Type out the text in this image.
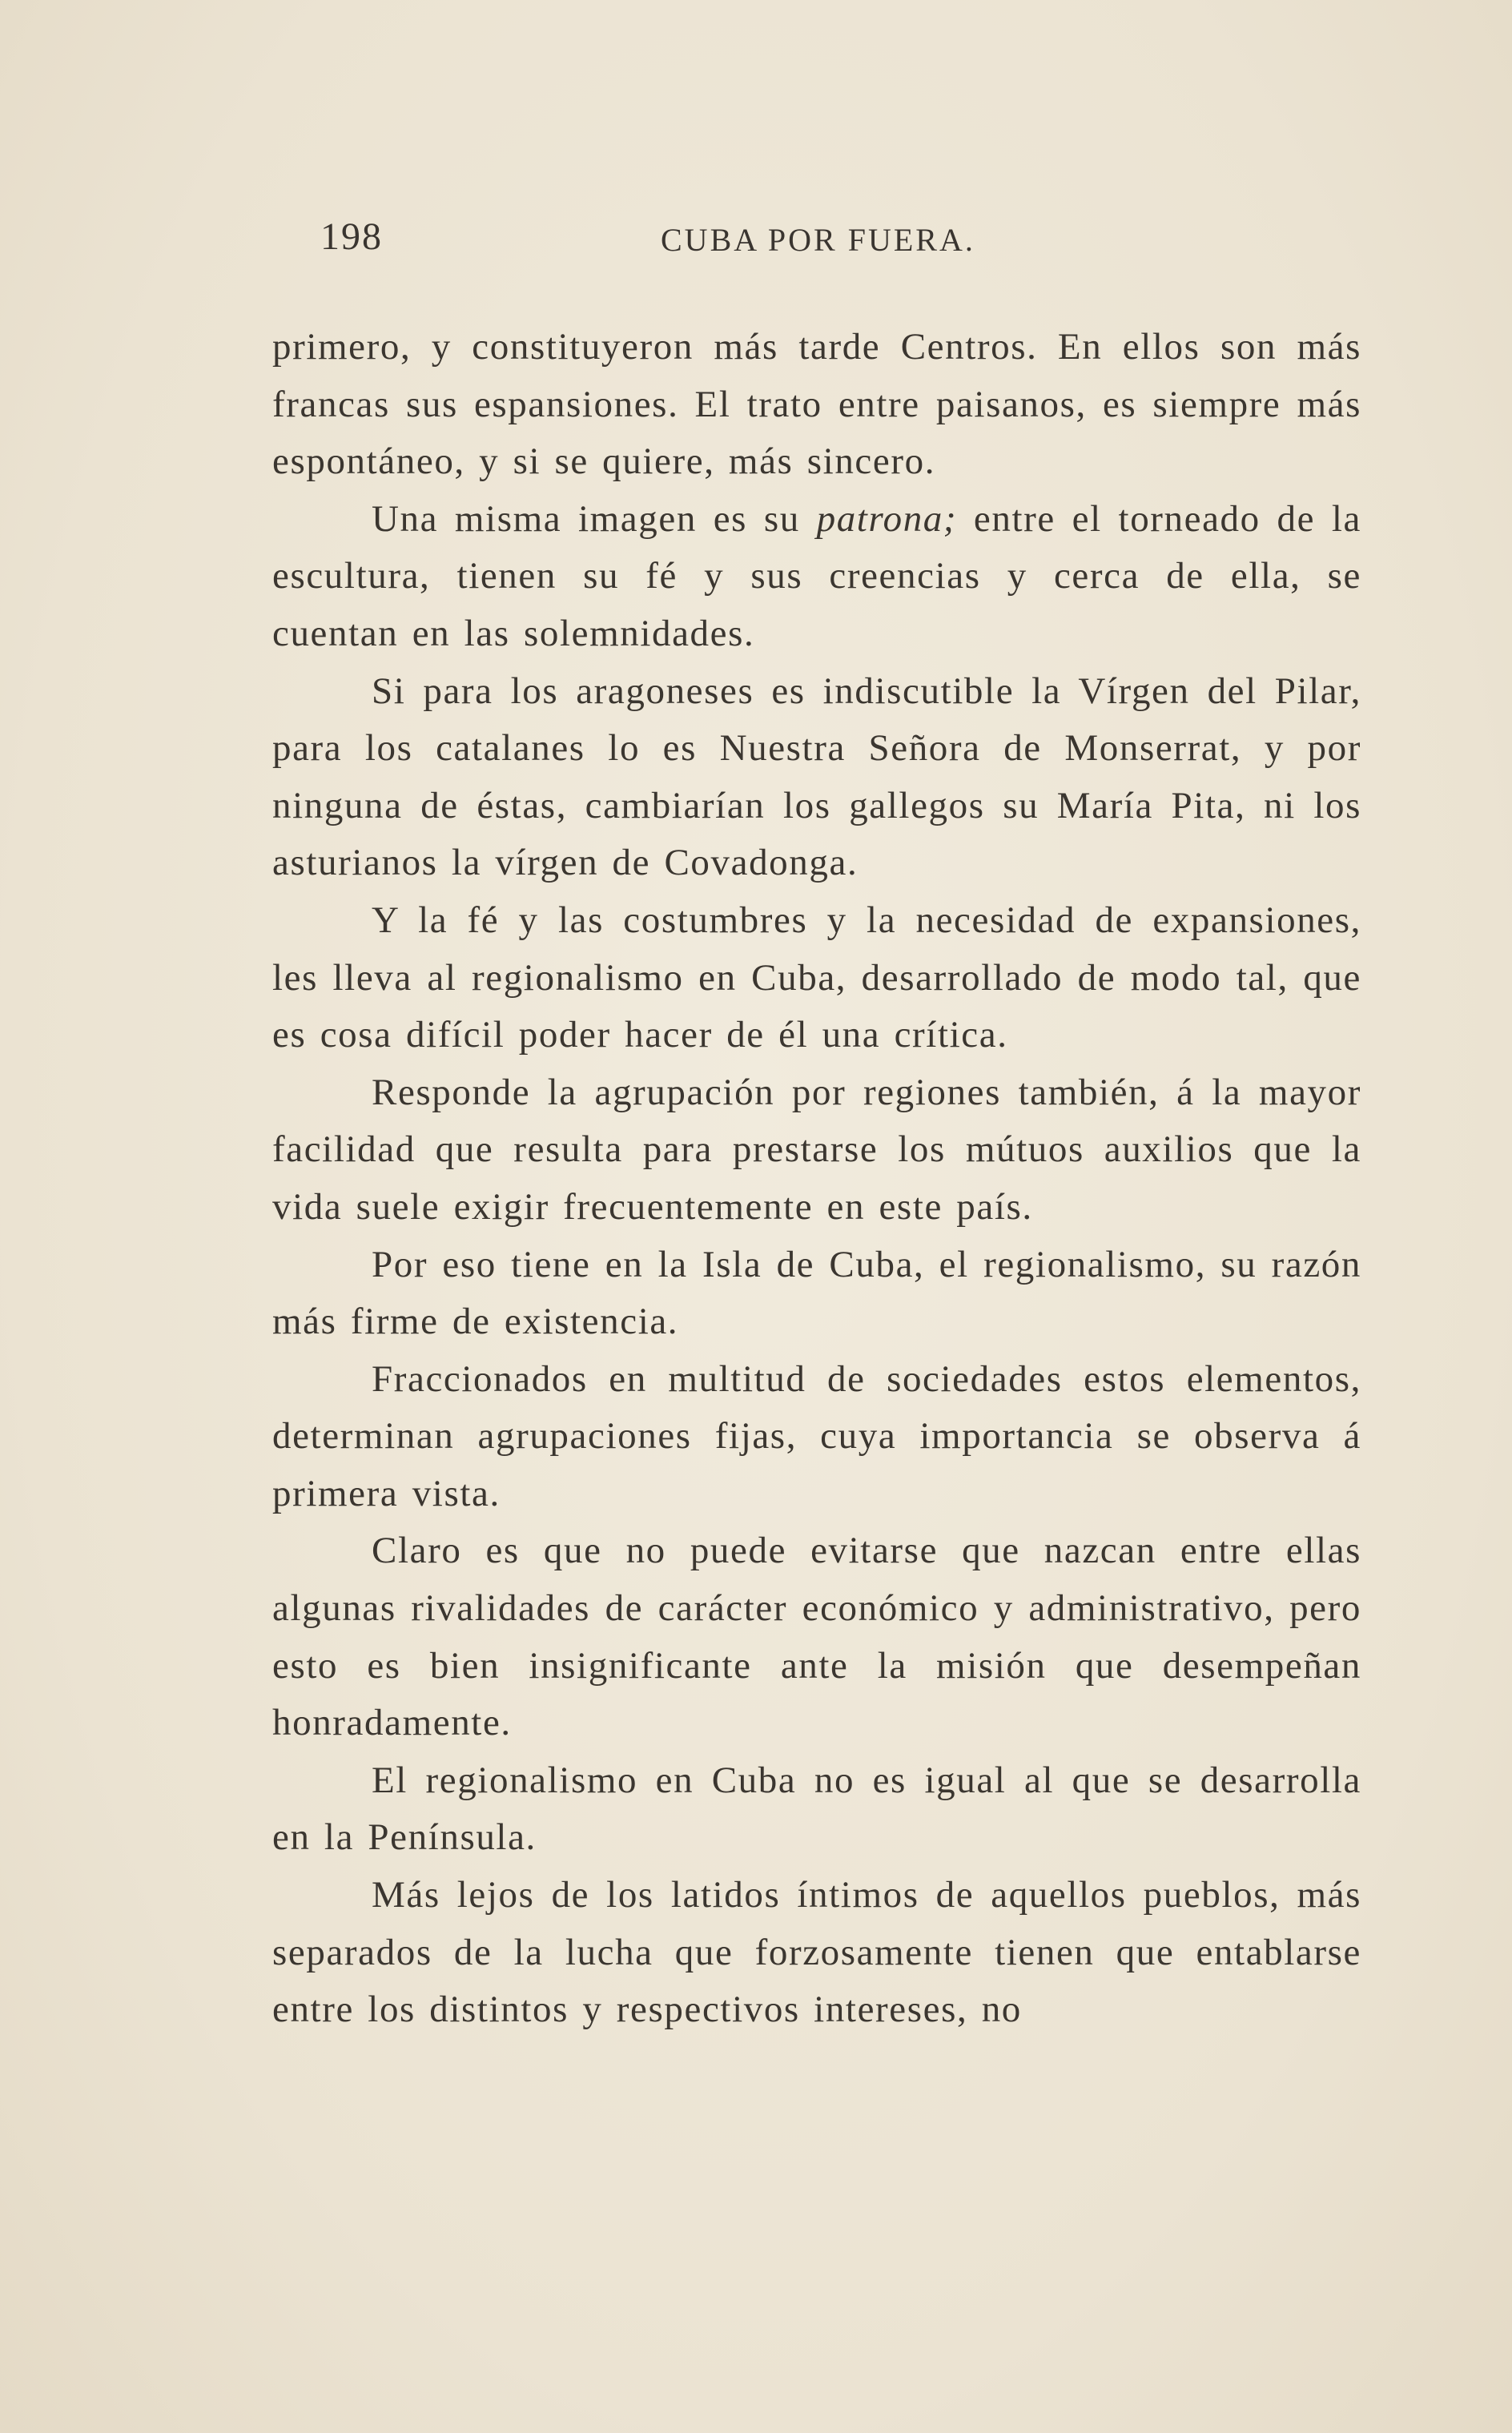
198	CUBA POR FUERA.

primero, y constituyeron más tarde Centros. En ellos son más francas sus espansiones. El trato entre paisanos, es siempre más espontáneo, y si se quiere, más sincero.

Una misma imagen es su patrona; entre el torneado de la escultura, tienen su fé y sus creencias y cerca de ella, se cuentan en las solemnidades.

Si para los aragoneses es indiscutible la Vírgen del Pilar, para los catalanes lo es Nuestra Señora de Monserrat, y por ninguna de éstas, cambiarían los gallegos su María Pita, ni los asturianos la vírgen de Covadonga.

Y la fé y las costumbres y la necesidad de expansiones, les lleva al regionalismo en Cuba, desarrollado de modo tal, que es cosa difícil poder hacer de él una crítica.

Responde la agrupación por regiones también, á la mayor facilidad que resulta para prestarse los mútuos auxilios que la vida suele exigir frecuentemente en este país.

Por eso tiene en la Isla de Cuba, el regionalismo, su razón más firme de existencia.

Fraccionados en multitud de sociedades estos elementos, determinan agrupaciones fijas, cuya importancia se observa á primera vista.

Claro es que no puede evitarse que nazcan entre ellas algunas rivalidades de carácter económico y administrativo, pero esto es bien insignificante ante la misión que desempeñan honradamente.

El regionalismo en Cuba no es igual al que se desarrolla en la Península.

Más lejos de los latidos íntimos de aquellos pueblos, más separados de la lucha que forzosamente tienen que entablarse entre los distintos y respectivos intereses, no
